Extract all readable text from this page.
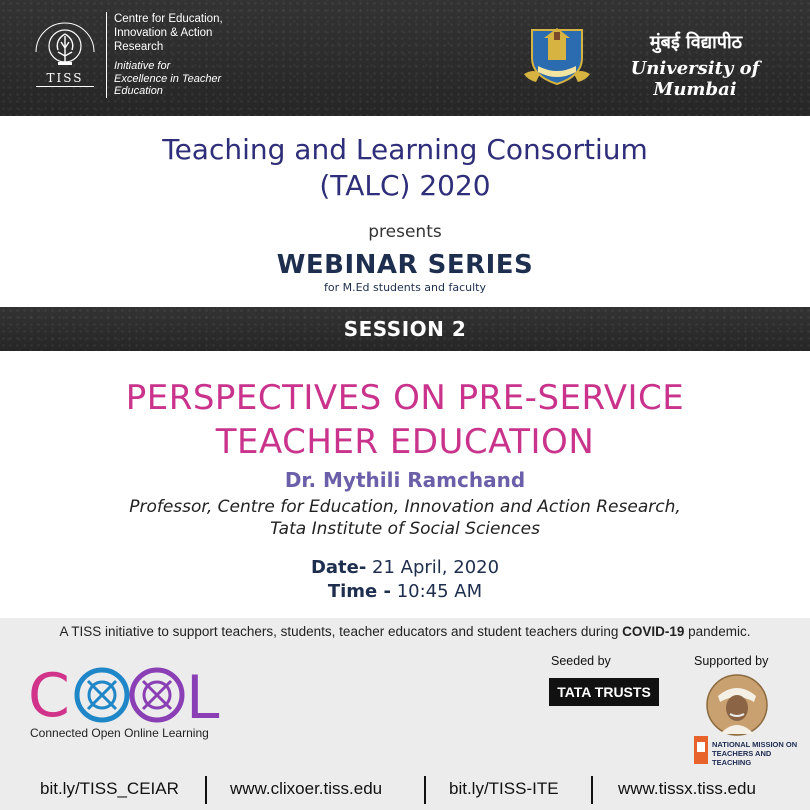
TISS
Centre for Education, Innovation & Action Research
Initiative for Excellence in Teacher Education
मुंबई विद्यापीठ
University of Mumbai
Teaching and Learning Consortium
(TALC) 2020
presents
WEBINAR SERIES
for M.Ed students and faculty
SESSION 2
PERSPECTIVES ON PRE-SERVICE
TEACHER EDUCATION
Dr. Mythili Ramchand
Professor, Centre for Education, Innovation and Action Research,
Tata Institute of Social Sciences
Date- 21 April, 2020
Time - 10:45 AM
A TISS initiative to support teachers, students, teacher educators and student teachers during COVID-19 pandemic.
C L
Connected Open Online Learning
Seeded by
TATA TRUSTS
Supported by
NATIONAL MISSION ON
TEACHERS AND TEACHING
bit.ly/TISS_CEIAR	www.clixoer.tiss.edu	bit.ly/TISS-ITE	www.tissx.tiss.edu
